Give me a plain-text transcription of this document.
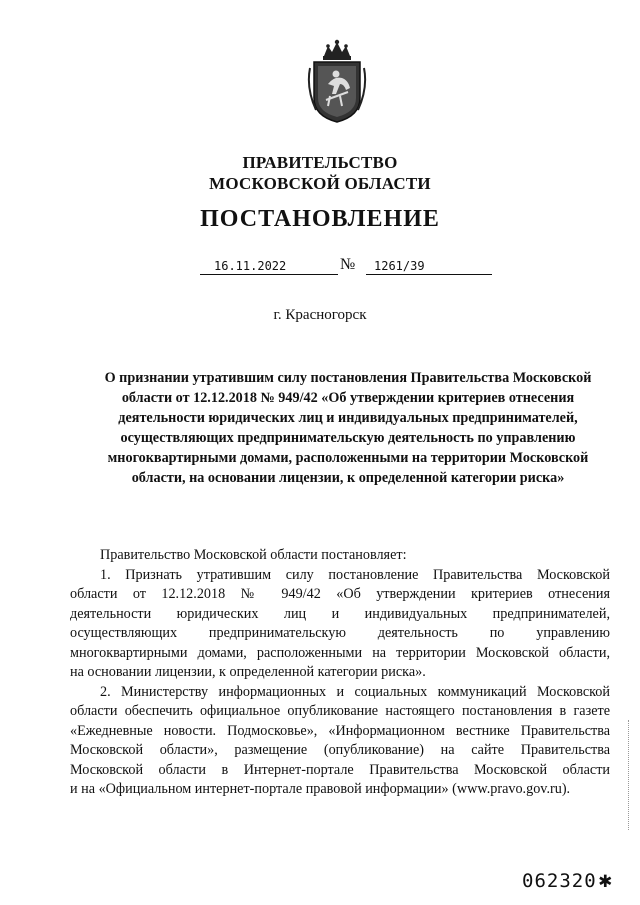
ПРАВИТЕЛЬСТВО
МОСКОВСКОЙ ОБЛАСТИ
ПОСТАНОВЛЕНИЕ
16.11.2022	№	1261/39
г. Красногорск
О признании утратившим силу постановления Правительства Московской
области от 12.12.2018 № 949/42 «Об утверждении критериев отнесения
деятельности юридических лиц и индивидуальных предпринимателей,
осуществляющих предпринимательскую деятельность по управлению
многоквартирными домами, расположенными на территории Московской
области, на основании лицензии, к определенной категории риска»
Правительство Московской области постановляет:
1. Признать утратившим силу постановление Правительства Московской
области от 12.12.2018 № 949/42 «Об утверждении критериев отнесения
деятельности юридических лиц и индивидуальных предпринимателей,
осуществляющих предпринимательскую деятельность по управлению
многоквартирными домами, расположенными на территории Московской области,
на основании лицензии, к определенной категории риска».
2. Министерству информационных и социальных коммуникаций Московской
области обеспечить официальное опубликование настоящего постановления в газете
«Ежедневные новости. Подмосковье», «Информационном вестнике Правительства
Московской области», размещение (опубликование) на сайте Правительства
Московской области в Интернет-портале Правительства Московской области
и на «Официальном интернет-портале правовой информации» (www.pravo.gov.ru).
062320 ✱
